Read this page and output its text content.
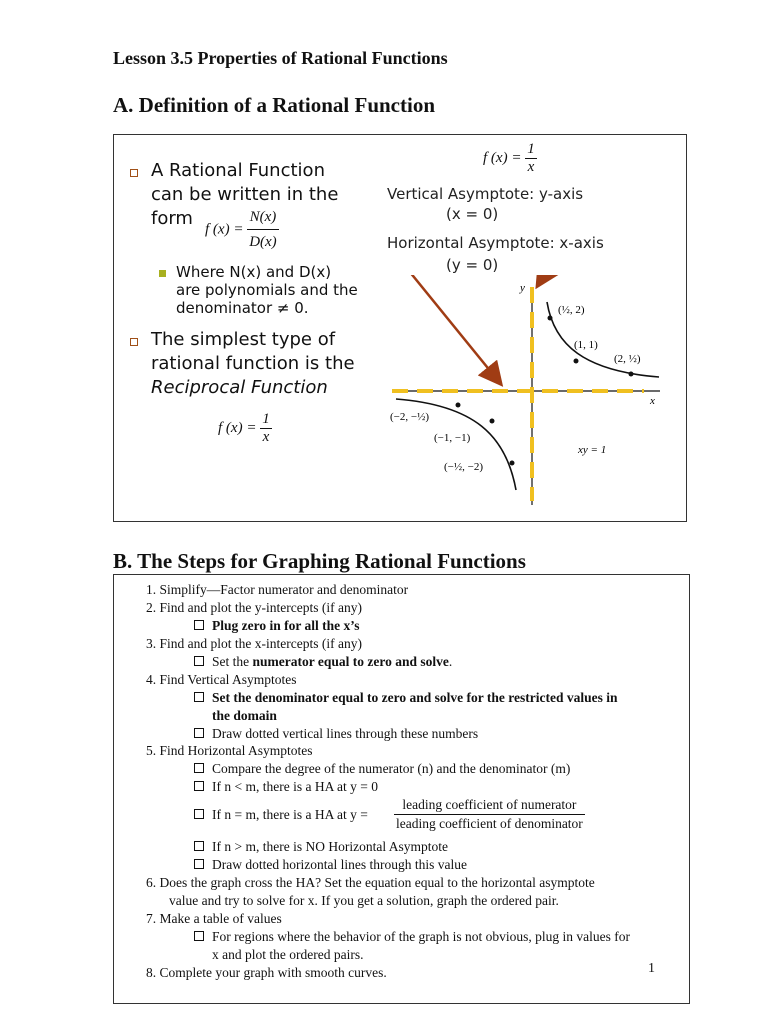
Lesson 3.5 Properties of Rational Functions
A. Definition of a Rational Function
A Rational Function
can be written in the
form
f $(x) = \frac{N(x)}{D(x)}$
Where N(x) and D(x)
are polynomials and the
denominator ≠ 0.
The simplest type of
rational function is the
Reciprocal Function
f $(x) = \frac{1}{x}$
f $(x) = \frac{1}{x}$
Vertical Asymptote: y-axis
(x = 0)
Horizontal Asymptote: x-axis
(y = 0)
y
x
(½, 2)
(1, 1)
(2, ½)
(−2, −½)
(−1, −1)
(−½, −2)
xy = 1
B. The Steps for Graphing Rational Functions
1. Simplify—Factor numerator and denominator
2. Find and plot the y-intercepts (if any)
Plug zero in for all the x’s
3. Find and plot the x-intercepts (if any)
Set the numerator equal to zero and solve.
4. Find Vertical Asymptotes
Set the denominator equal to zero and solve for the restricted values in
the domain
Draw dotted vertical lines through these numbers
5. Find Horizontal Asymptotes
Compare the degree of the numerator (n) and the denominator (m)
If n < m, there is a HA at y = 0
If n = m, there is a HA at $y = \frac{\text{leading coefficient of numerator}}{\text{leading coefficient of denominator}}$
If n > m, there is NO Horizontal Asymptote
Draw dotted horizontal lines through this value
6. Does the graph cross the HA? Set the equation equal to the horizontal asymptote
value and try to solve for x. If you get a solution, graph the ordered pair.
7. Make a table of values
For regions where the behavior of the graph is not obvious, plug in values for
x and plot the ordered pairs.
8. Complete your graph with smooth curves.	1
